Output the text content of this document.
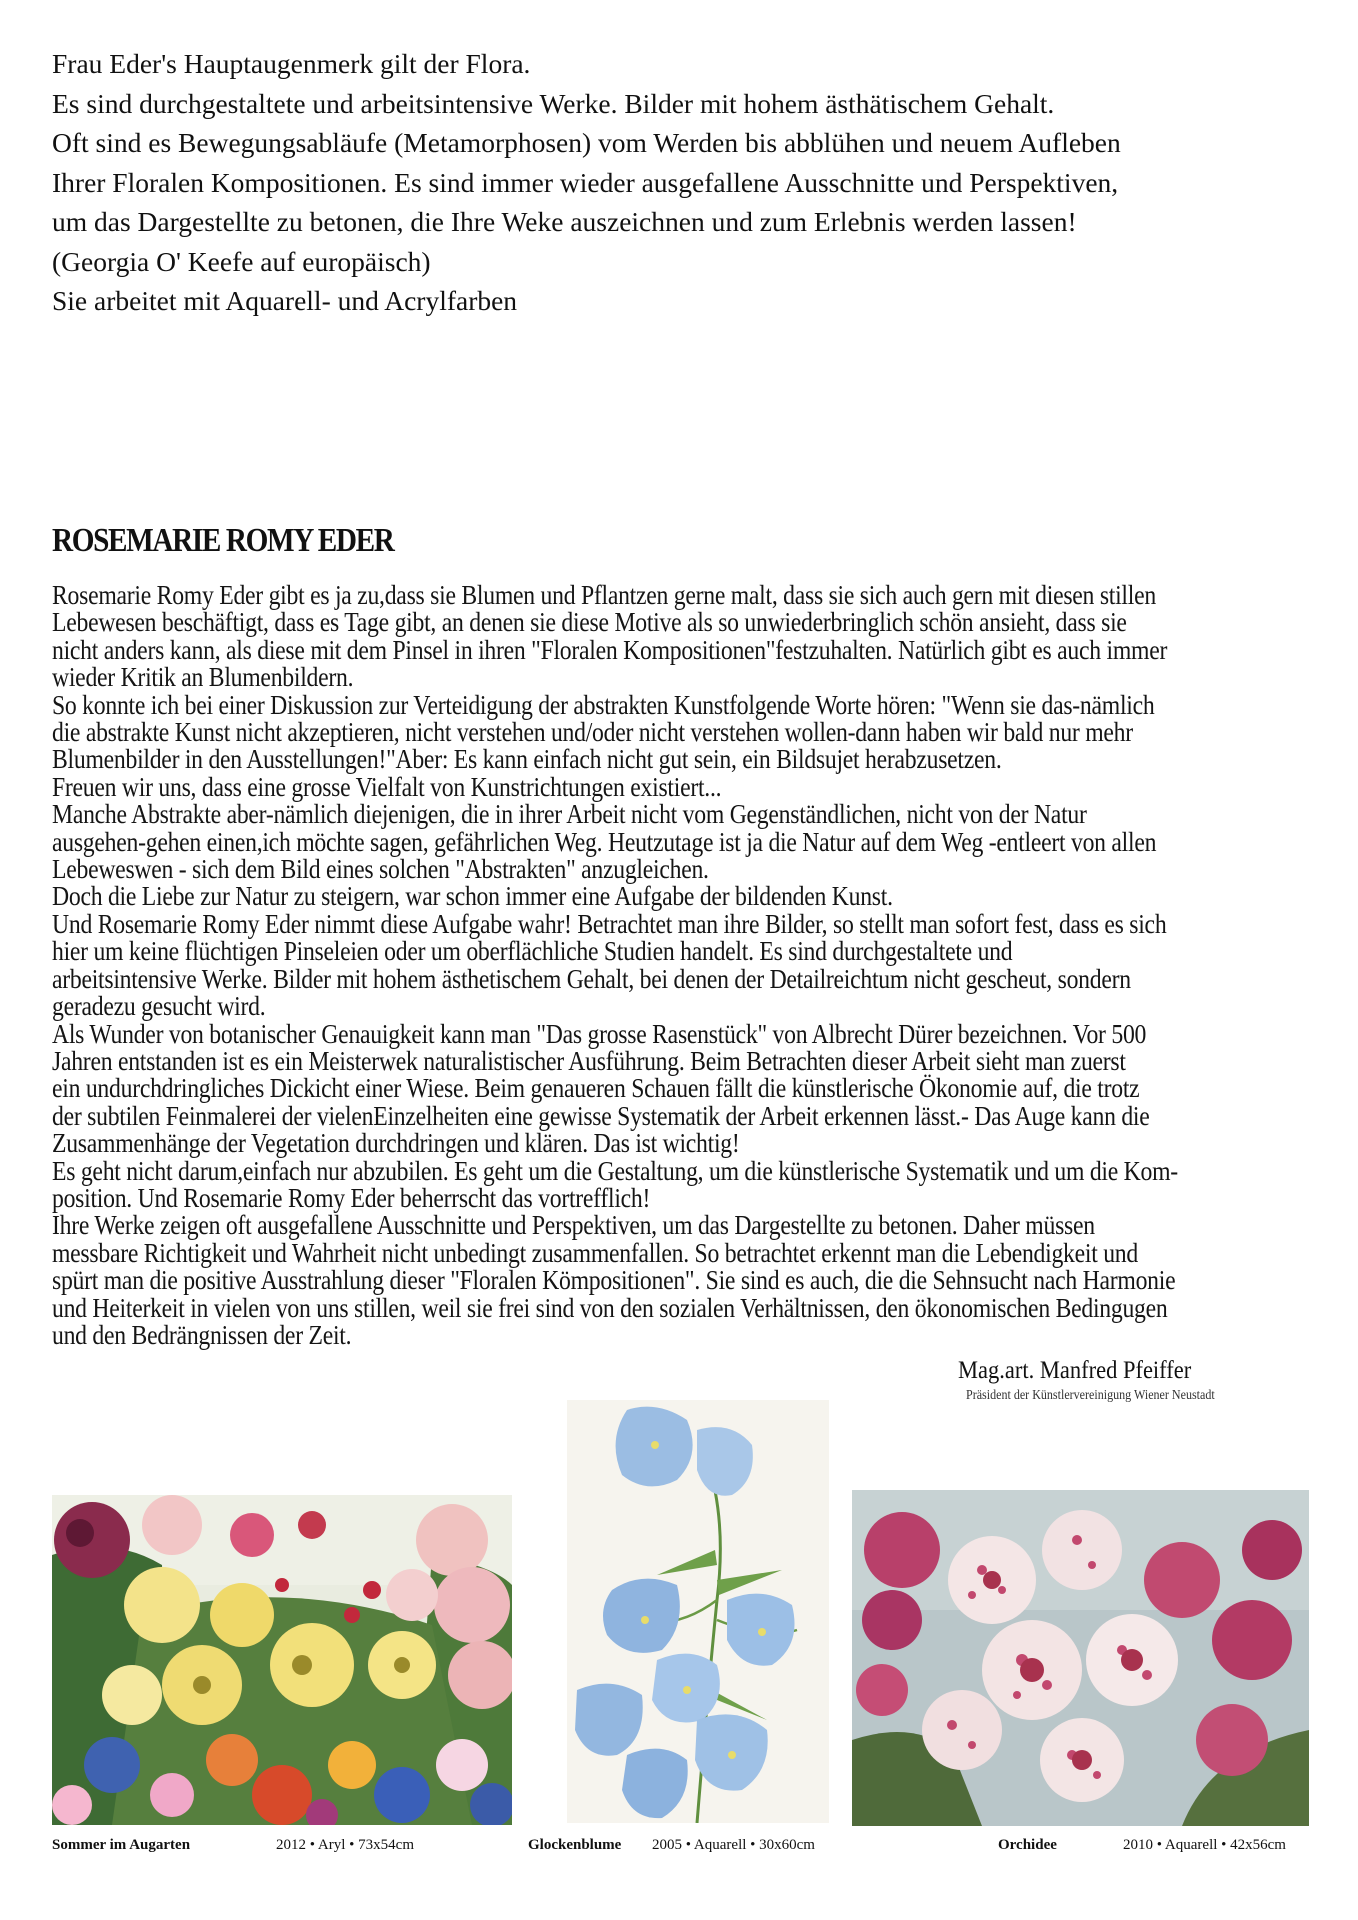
Frau Eder's Hauptaugenmerk gilt der Flora.
Es sind durchgestaltete und arbeitsintensive Werke. Bilder mit hohem ästhätischem Gehalt.
Oft sind es Bewegungsabläufe (Metamorphosen) vom Werden bis abblühen und neuem Aufleben
Ihrer Floralen Kompositionen. Es sind immer wieder ausgefallene Ausschnitte und Perspektiven,
um das Dargestellte zu betonen, die Ihre Weke auszeichnen und zum Erlebnis werden lassen!
(Georgia O' Keefe auf europäisch)
Sie arbeitet mit Aquarell- und Acrylfarben
ROSEMARIE ROMY EDER
Rosemarie Romy Eder gibt es ja zu,dass sie Blumen und Pflantzen gerne malt, dass sie sich auch gern mit diesen stillen
Lebewesen beschäftigt, dass es Tage gibt, an denen sie diese Motive als so unwiederbringlich schön ansieht, dass sie
nicht anders kann, als diese mit dem Pinsel in ihren "Floralen Kompositionen"festzuhalten. Natürlich gibt es auch immer
wieder Kritik an Blumenbildern.
So konnte ich bei einer Diskussion zur Verteidigung der abstrakten Kunstfolgende Worte hören: "Wenn sie das-nämlich
die abstrakte Kunst nicht akzeptieren, nicht verstehen und/oder nicht verstehen wollen-dann haben wir bald nur mehr
Blumenbilder in den Ausstellungen!"Aber: Es kann einfach nicht gut sein, ein Bildsujet herabzusetzen.
Freuen wir uns, dass eine grosse Vielfalt von Kunstrichtungen existiert...
Manche Abstrakte aber-nämlich diejenigen, die in ihrer Arbeit nicht vom Gegenständlichen, nicht von der Natur
ausgehen-gehen einen,ich möchte sagen, gefährlichen Weg. Heutzutage ist ja die Natur auf dem Weg -entleert von allen
Lebeweswen - sich dem Bild eines solchen "Abstrakten" anzugleichen.
Doch die Liebe zur Natur zu steigern, war schon immer eine Aufgabe der bildenden Kunst.
Und Rosemarie Romy Eder nimmt diese Aufgabe wahr! Betrachtet man ihre Bilder, so stellt man sofort fest, dass es sich
hier um keine flüchtigen Pinseleien oder um oberflächliche Studien handelt. Es sind durchgestaltete und
arbeitsintensive Werke. Bilder mit hohem ästhetischem Gehalt, bei denen der Detailreichtum nicht gescheut, sondern
geradezu gesucht wird.
Als Wunder von botanischer Genauigkeit kann man "Das grosse Rasenstück" von Albrecht Dürer bezeichnen. Vor 500
Jahren entstanden ist es ein Meisterwek naturalistischer Ausführung. Beim Betrachten dieser Arbeit sieht man zuerst
ein undurchdringliches Dickicht einer Wiese. Beim genaueren Schauen fällt die künstlerische Ökonomie auf, die trotz
der subtilen Feinmalerei der vielenEinzelheiten eine gewisse Systematik der Arbeit erkennen lässt.- Das Auge kann die
Zusammenhänge der Vegetation durchdringen und klären. Das ist wichtig!
Es geht nicht darum,einfach nur abzubilen. Es geht um die Gestaltung, um die künstlerische Systematik und um die Kom-
position. Und Rosemarie Romy Eder beherrscht das vortrefflich!
Ihre Werke zeigen oft ausgefallene Ausschnitte und Perspektiven, um das Dargestellte zu betonen. Daher müssen
messbare Richtigkeit und Wahrheit nicht unbedingt zusammenfallen. So betrachtet erkennt man die Lebendigkeit und
spürt man die positive Ausstrahlung dieser "Floralen Kömpositionen". Sie sind es auch, die die Sehnsucht nach Harmonie
und Heiterkeit in vielen von uns stillen, weil sie frei sind von den sozialen Verhältnissen, den ökonomischen Bedingugen
und den Bedrängnissen der Zeit.
Mag.art. Manfred Pfeiffer
Präsident der Künstlervereinigung Wiener Neustadt
Sommer im Augarten	2012 • Aryl • 73x54cm	Glockenblume 2005 • Aquarell • 30x60cm	Orchidee	2010 • Aquarell • 42x56cm
